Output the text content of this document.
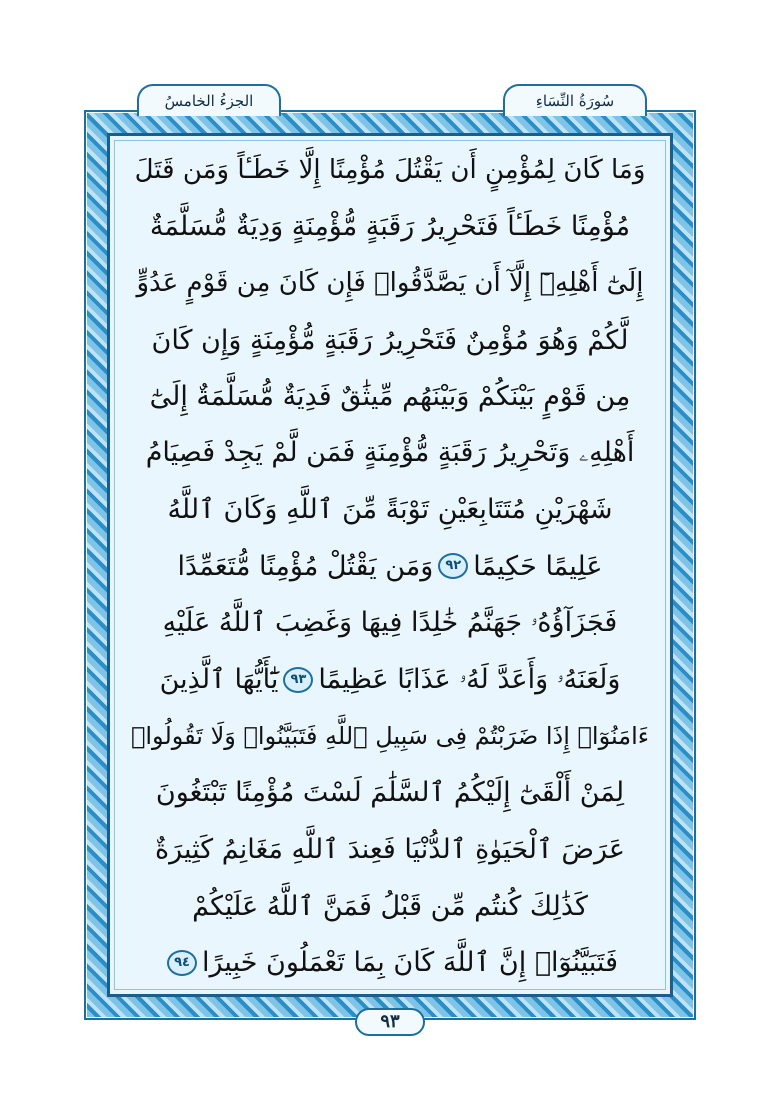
الجزءُ الخامسُ	سُورَةُ النِّسَاءِ
وَمَا كَانَ لِمُؤْمِنٍ أَن يَقْتُلَ مُؤْمِنًا إِلَّا خَطَـٔاً وَمَن قَتَلَ
مُؤْمِنًا خَطَـٔاً فَتَحْرِيرُ رَقَبَةٍ مُّؤْمِنَةٍ وَدِيَةٌ مُّسَلَّمَةٌ
إِلَىٰٓ أَهْلِهِۦٓ إِلَّآ أَن يَصَّدَّقُوا۟ فَإِن كَانَ مِن قَوْمٍ عَدُوٍّ
لَّكُمْ وَهُوَ مُؤْمِنٌ فَتَحْرِيرُ رَقَبَةٍ مُّؤْمِنَةٍ وَإِن كَانَ
مِن قَوْمٍ بَيْنَكُمْ وَبَيْنَهُم مِّيثَٰقٌ فَدِيَةٌ مُّسَلَّمَةٌ إِلَىٰٓ
أَهْلِهِۦ وَتَحْرِيرُ رَقَبَةٍ مُّؤْمِنَةٍ فَمَن لَّمْ يَجِدْ فَصِيَامُ
شَهْرَيْنِ مُتَتَابِعَيْنِ تَوْبَةً مِّنَ ٱللَّهِ وَكَانَ ٱللَّهُ
عَلِيمًا حَكِيمًا
٩٢
وَمَن يَقْتُلْ مُؤْمِنًا مُّتَعَمِّدًا
فَجَزَآؤُهُۥ جَهَنَّمُ خَٰلِدًا فِيهَا وَغَضِبَ ٱللَّهُ عَلَيْهِ
وَلَعَنَهُۥ وَأَعَدَّ لَهُۥ عَذَابًا عَظِيمًا
٩٣
يَٰٓأَيُّهَا ٱلَّذِينَ
ءَامَنُوٓا۟ إِذَا ضَرَبْتُمْ فِى سَبِيلِ ٱللَّهِ فَتَبَيَّنُوا۟ وَلَا تَقُولُوا۟
لِمَنْ أَلْقَىٰٓ إِلَيْكُمُ ٱلسَّلَٰمَ لَسْتَ مُؤْمِنًا تَبْتَغُونَ
عَرَضَ ٱلْحَيَوٰةِ ٱلدُّنْيَا فَعِندَ ٱللَّهِ مَغَانِمُ كَثِيرَةٌ
كَذَٰلِكَ كُنتُم مِّن قَبْلُ فَمَنَّ ٱللَّهُ عَلَيْكُمْ
فَتَبَيَّنُوٓا۟ إِنَّ ٱللَّهَ كَانَ بِمَا تَعْمَلُونَ خَبِيرًا
٩٤
٩٣
